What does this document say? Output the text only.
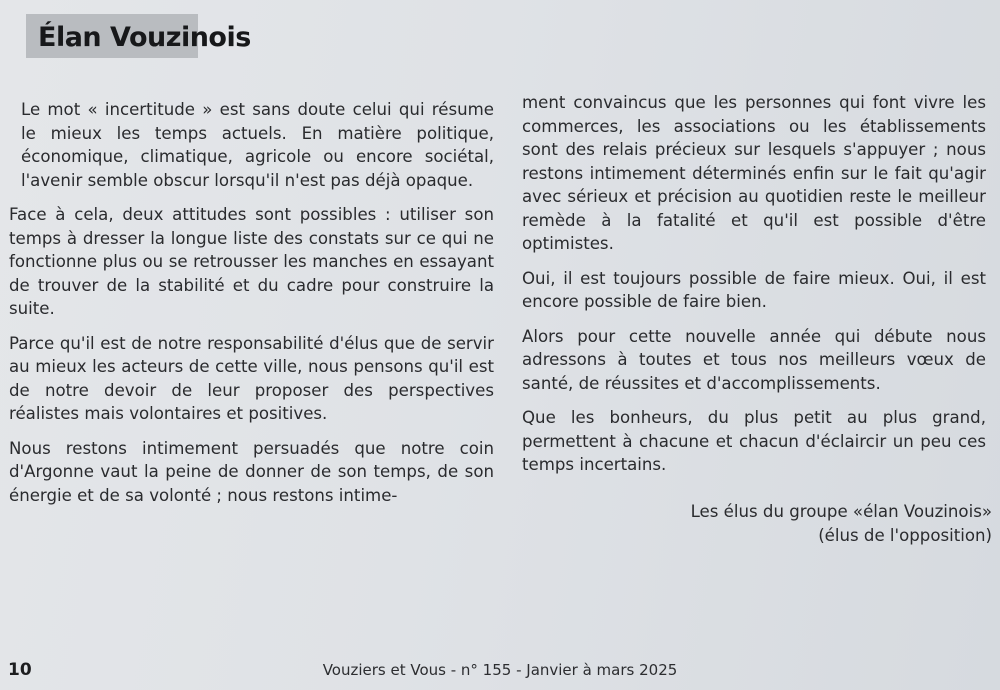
Élan Vouzinois

Le mot « incertitude » est sans doute celui qui résume le mieux les temps actuels. En matière politique, économique, climatique, agricole ou encore sociétal, l'avenir semble obscur lorsqu'il n'est pas déjà opaque.

Face à cela, deux attitudes sont possibles : utiliser son temps à dresser la longue liste des constats sur ce qui ne fonctionne plus ou se retrousser les manches en essayant de trouver de la stabilité et du cadre pour construire la suite.

Parce qu'il est de notre responsabilité d'élus que de servir au mieux les acteurs de cette ville, nous pensons qu'il est de notre devoir de leur proposer des perspectives réalistes mais volontaires et positives.

Nous restons intimement persuadés que notre coin d'Argonne vaut la peine de donner de son temps, de son énergie et de sa volonté ; nous restons intime-

ment convaincus que les personnes qui font vivre les commerces, les associations ou les établissements sont des relais précieux sur lesquels s'appuyer ; nous restons intimement déterminés enfin sur le fait qu'agir avec sérieux et précision au quotidien reste le meilleur remède à la fatalité et qu'il est possible d'être optimistes.

Oui, il est toujours possible de faire mieux. Oui, il est encore possible de faire bien.

Alors pour cette nouvelle année qui débute nous adressons à toutes et tous nos meilleurs vœux de santé, de réussites et d'accomplissements.

Que les bonheurs, du plus petit au plus grand, permettent à chacune et chacun d'éclaircir un peu ces temps incertains.

Les élus du groupe «élan Vouzinois»
(élus de l'opposition)
Vouziers et Vous - n° 155 - Janvier à mars 2025
10
